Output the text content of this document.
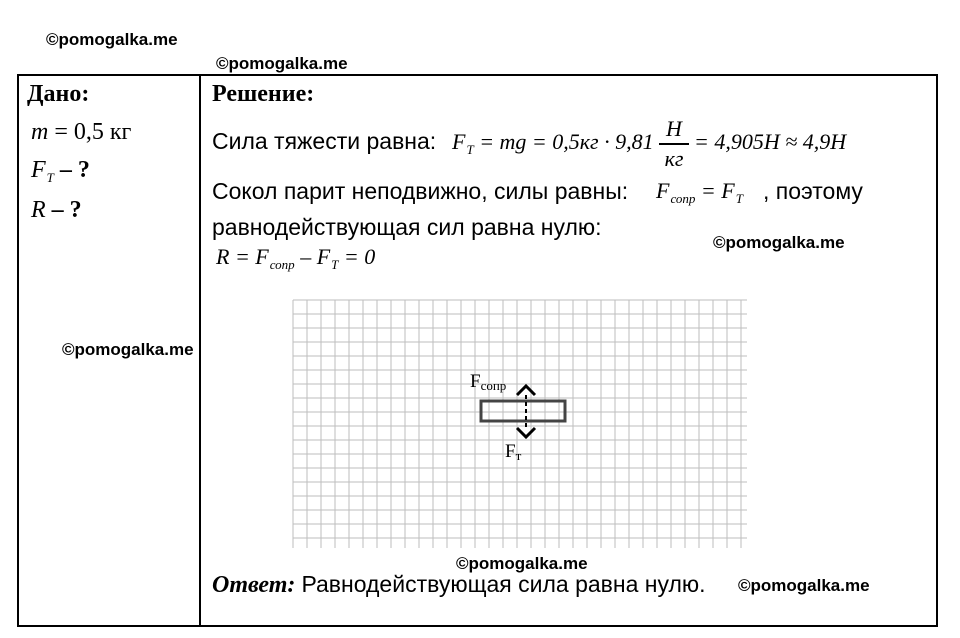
©pomogalka.me
©pomogalka.me
©pomogalka.me
©pomogalka.me
©pomogalka.me
©pomogalka.me
Дано:
m = 0,5 кг
$F_T$ – ?
R – ?
Решение:
Сила тяжести равна: $F_T$ = mg = 0,5кг · 9,81
Н
кг
= 4,905Н ≈ 4,9Н
Сокол парит неподвижно, силы равны: $F_{сопр} = F_T$ , поэтому
равнодействующая сил равна нулю:
$R = F_{сопр} - F_T = 0$
Fсопр
Fт
Ответ: Равнодействующая сила равна нулю.
